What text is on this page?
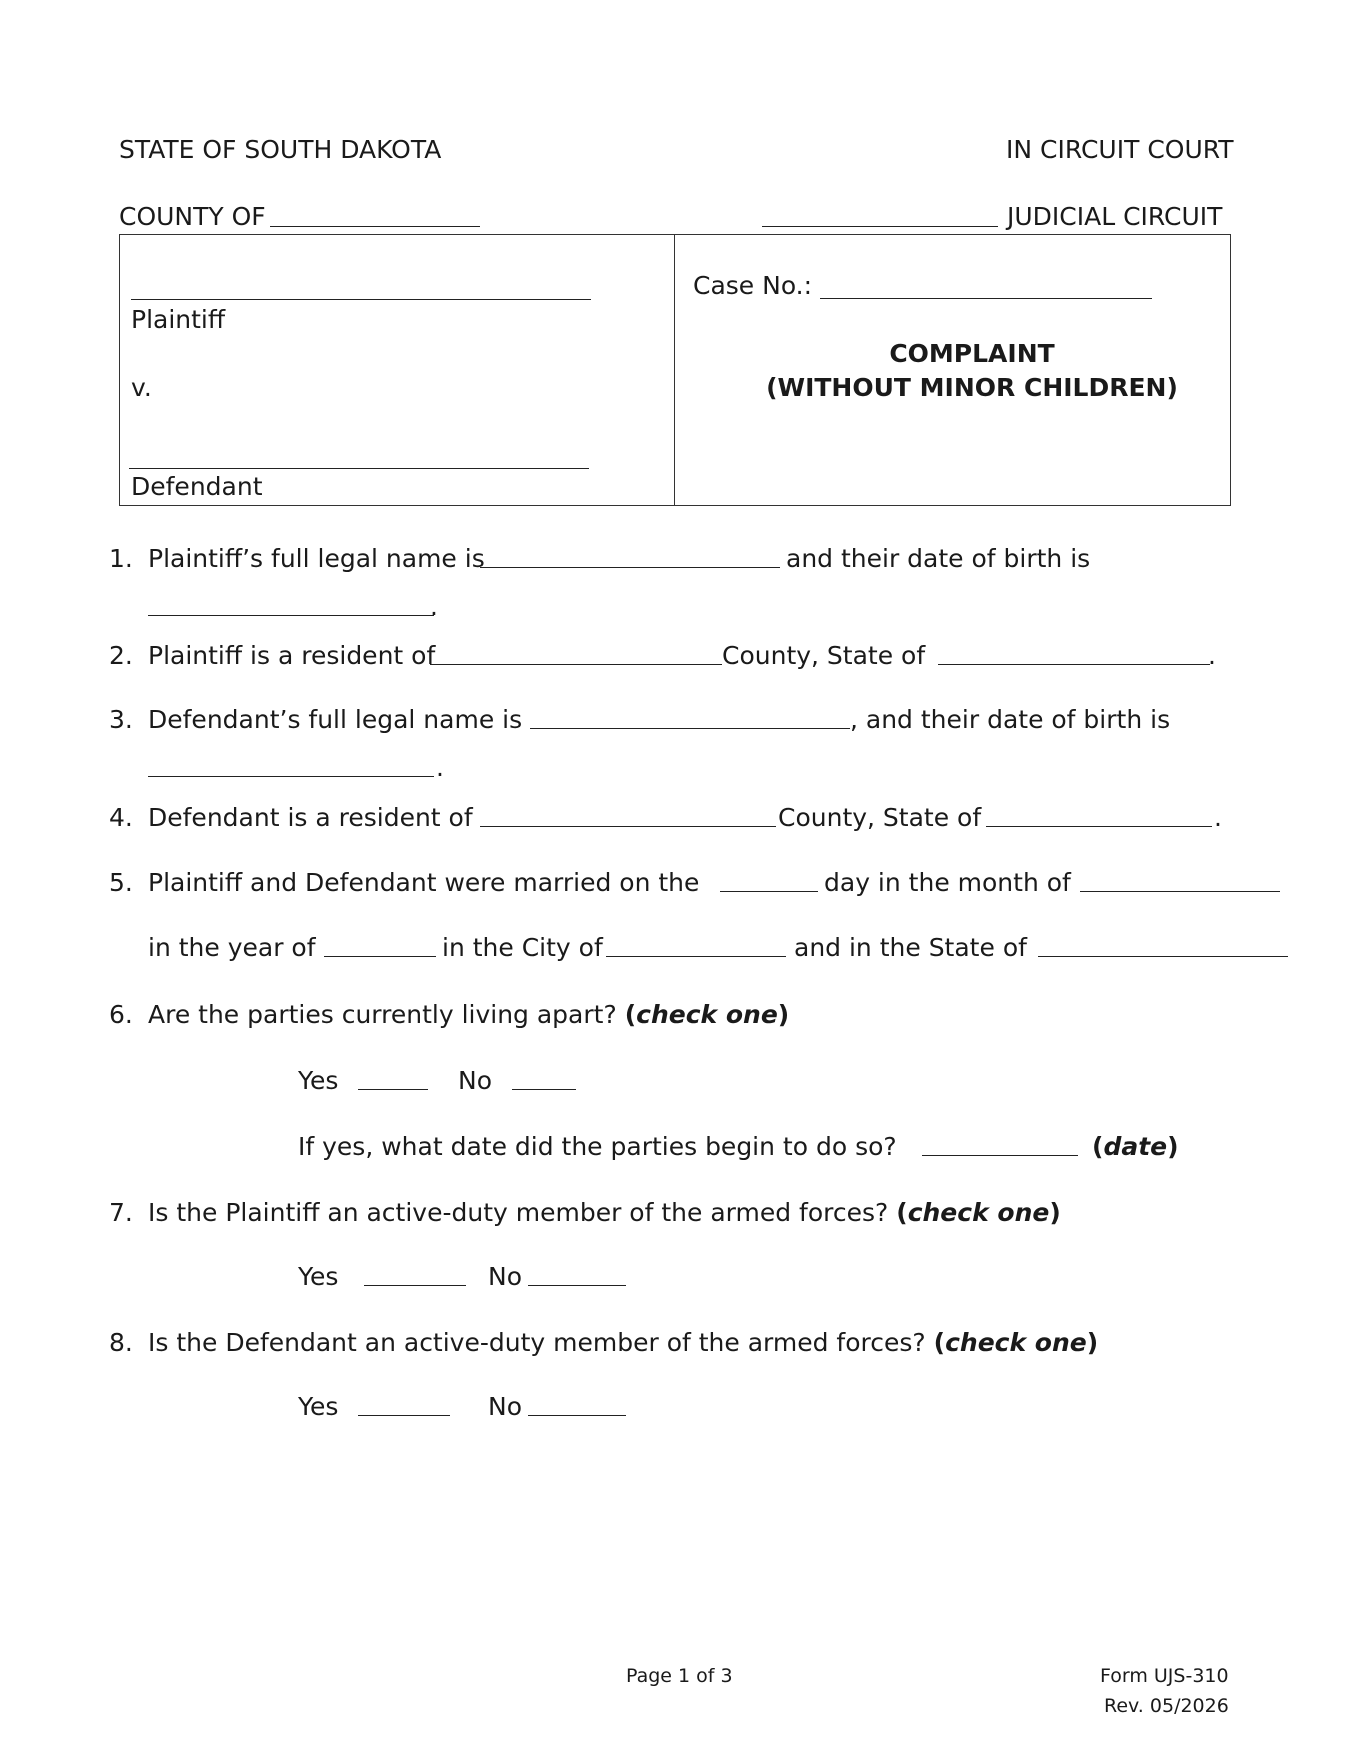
STATE OF SOUTH DAKOTA	IN CIRCUIT COURT
COUNTY OF	JUDICIAL CIRCUIT
Plaintiff
v.
Defendant
Case No.:
COMPLAINT
(WITHOUT MINOR CHILDREN)
1. Plaintiff’s full legal name is	and their date of birth is
.
2. Plaintiff is a resident of	County, State of	.
3. Defendant’s full legal name is	, and their date of birth is
.
4. Defendant is a resident of	County, State of	.
5. Plaintiff and Defendant were married on the	day in the month of
in the year of	in the City of	and in the State of
6. Are the parties currently living apart? (check one)
Yes	No
If yes, what date did the parties begin to do so?	(date)
7. Is the Plaintiff an active-duty member of the armed forces? (check one)
Yes	No
8. Is the Defendant an active-duty member of the armed forces? (check one)
Yes	No
Page 1 of 3	Form UJS-310
Rev. 05/2026
